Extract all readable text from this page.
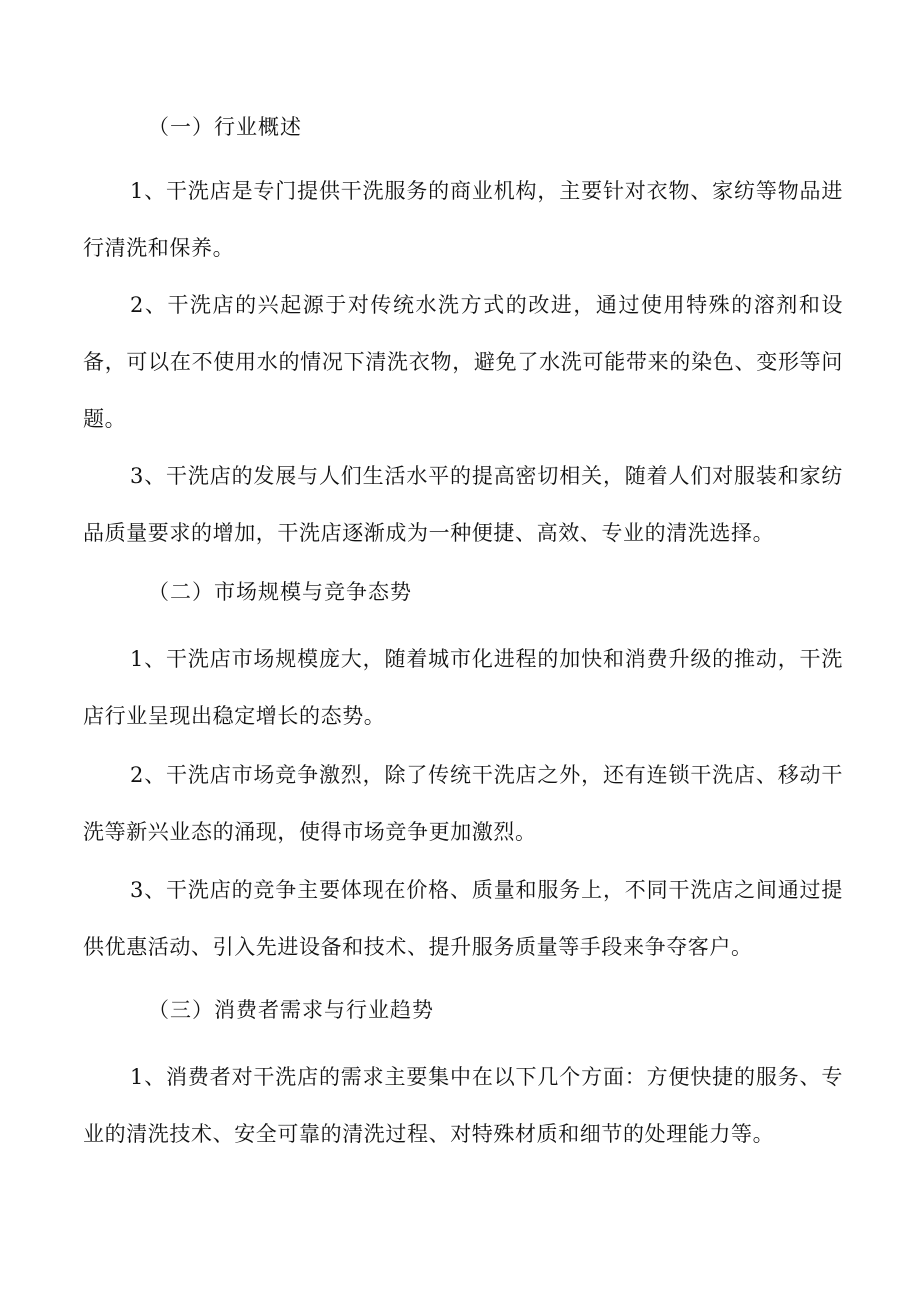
（一）行业概述

1、干洗店是专门提供干洗服务的商业机构，主要针对衣物、家纺等物品进行清洗和保养。

2、干洗店的兴起源于对传统水洗方式的改进，通过使用特殊的溶剂和设备，可以在不使用水的情况下清洗衣物，避免了水洗可能带来的染色、变形等问题。

3、干洗店的发展与人们生活水平的提高密切相关，随着人们对服装和家纺品质量要求的增加，干洗店逐渐成为一种便捷、高效、专业的清洗选择。

（二）市场规模与竞争态势

1、干洗店市场规模庞大，随着城市化进程的加快和消费升级的推动，干洗店行业呈现出稳定增长的态势。

2、干洗店市场竞争激烈，除了传统干洗店之外，还有连锁干洗店、移动干洗等新兴业态的涌现，使得市场竞争更加激烈。

3、干洗店的竞争主要体现在价格、质量和服务上，不同干洗店之间通过提供优惠活动、引入先进设备和技术、提升服务质量等手段来争夺客户。

（三）消费者需求与行业趋势

1、消费者对干洗店的需求主要集中在以下几个方面：方便快捷的服务、专业的清洗技术、安全可靠的清洗过程、对特殊材质和细节的处理能力等。
